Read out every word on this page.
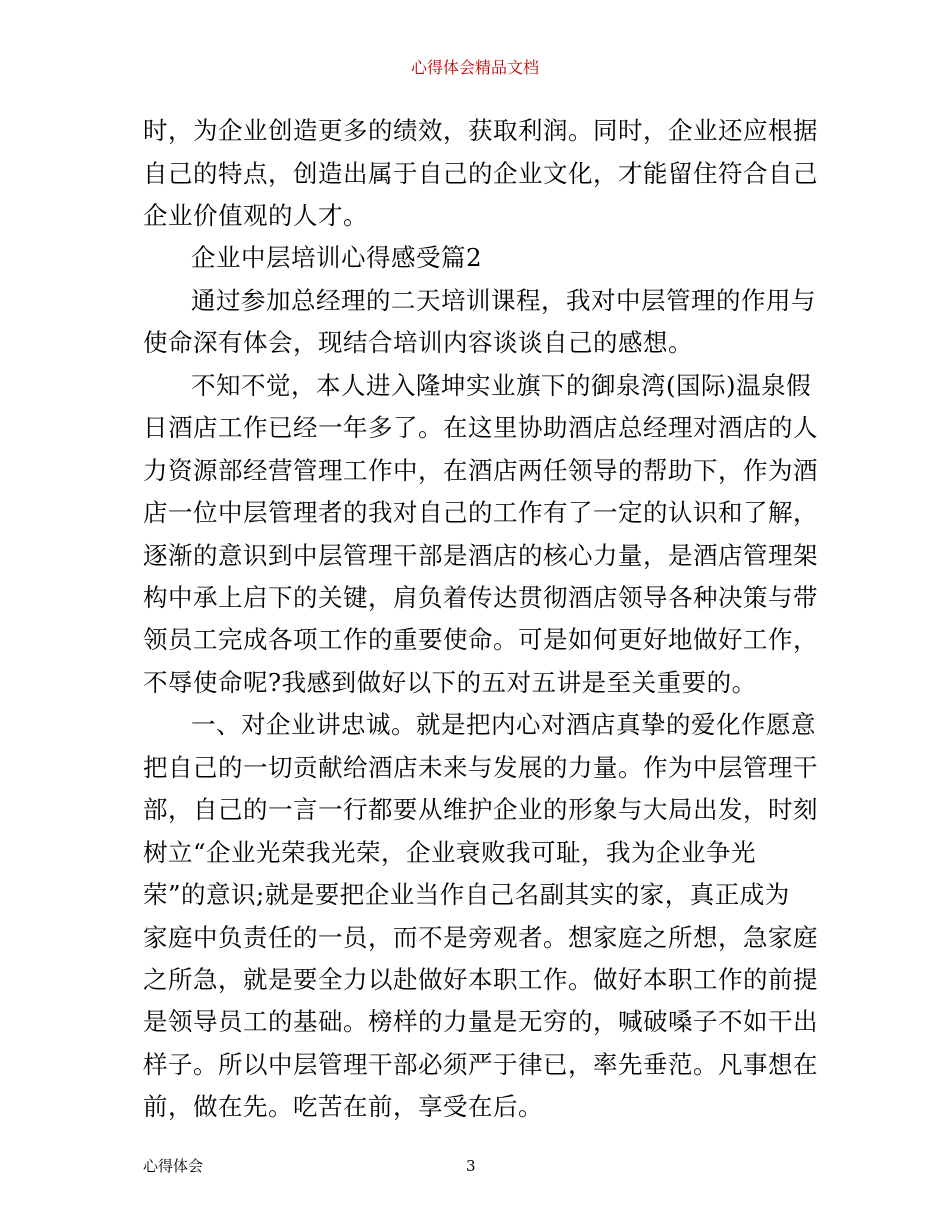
心得体会精品文档
时，为企业创造更多的绩效，获取利润。同时，企业还应根据
自己的特点，创造出属于自己的企业文化，才能留住符合自己
企业价值观的人才。
企业中层培训心得感受篇2
通过参加总经理的二天培训课程，我对中层管理的作用与
使命深有体会，现结合培训内容谈谈自己的感想。
不知不觉，本人进入隆坤实业旗下的御泉湾(国际)温泉假
日酒店工作已经一年多了。在这里协助酒店总经理对酒店的人
力资源部经营管理工作中，在酒店两任领导的帮助下，作为酒
店一位中层管理者的我对自己的工作有了一定的认识和了解，
逐渐的意识到中层管理干部是酒店的核心力量，是酒店管理架
构中承上启下的关键，肩负着传达贯彻酒店领导各种决策与带
领员工完成各项工作的重要使命。可是如何更好地做好工作，
不辱使命呢?我感到做好以下的五对五讲是至关重要的。
一、对企业讲忠诚。就是把内心对酒店真挚的爱化作愿意
把自己的一切贡献给酒店未来与发展的力量。作为中层管理干
部，自己的一言一行都要从维护企业的形象与大局出发，时刻
树立“企业光荣我光荣，企业衰败我可耻，我为企业争光
荣”的意识;就是要把企业当作自己名副其实的家，真正成为
家庭中负责任的一员，而不是旁观者。想家庭之所想，急家庭
之所急，就是要全力以赴做好本职工作。做好本职工作的前提
是领导员工的基础。榜样的力量是无穷的，喊破嗓子不如干出
样子。所以中层管理干部必须严于律已，率先垂范。凡事想在
前，做在先。吃苦在前，享受在后。
心得体会	3
